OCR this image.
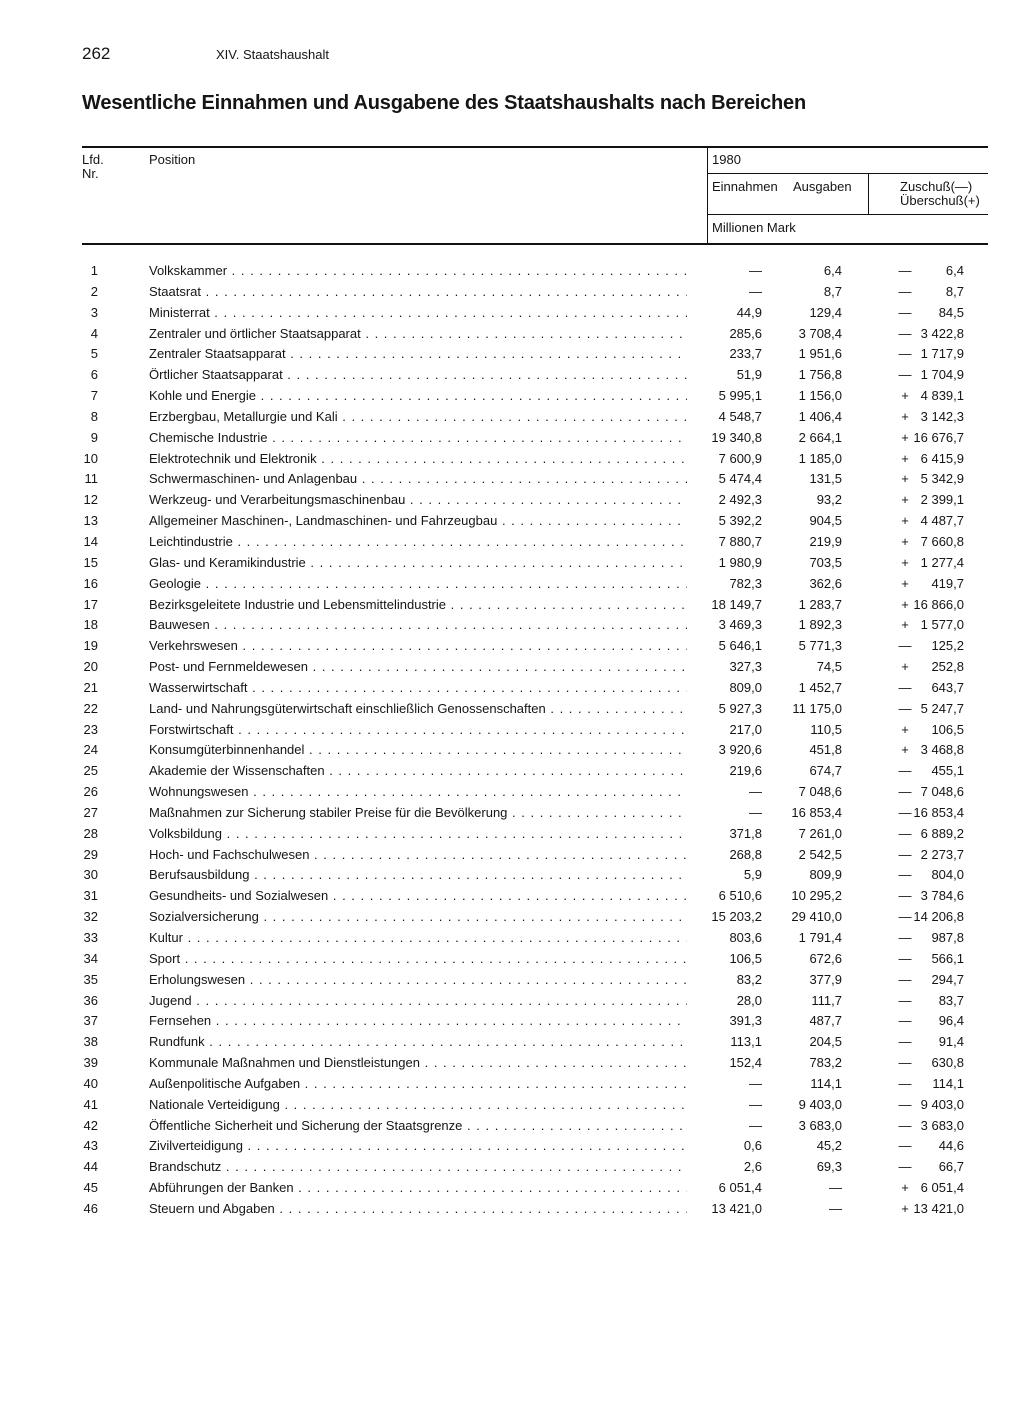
262	XIV. Staatshaushalt
Wesentliche Einnahmen und Ausgabene des Staatshaushalts nach Bereichen
Lfd.
Nr.
Position	1980
Einnahmen Ausgaben	Zuschuß(—)
Überschuß(+)
Millionen Mark
1	Volkskammer . . .	—	6,4	—	6,4
2	Staatsrat . . .	—	8,7	—	8,7
3	Ministerrat . . .	44,9	129,4	—	84,5
4	Zentraler und örtlicher Staatsapparat . . .	285,6	3 708,4	— 3 422,8
5	Zentraler Staatsapparat . . .	233,7	1 951,6	— 1 717,9
6	Örtlicher Staatsapparat . . .	51,9	1 756,8	— 1 704,9
7	Kohle und Energie . . .	5 995,1	1 156,0	+ 4 839,1
8	Erzbergbau, Metallurgie und Kali . . .	4 548,7	1 406,4	+ 3 142,3
9	Chemische Industrie . . .	19 340,8	2 664,1	+ 16 676,7
10	Elektrotechnik und Elektronik . . .	7 600,9	1 185,0	+ 6 415,9
11	Schwermaschinen- und Anlagenbau . . .	5 474,4	131,5	+ 5 342,9
12	Werkzeug- und Verarbeitungsmaschinenbau . . .	2 492,3	93,2	+ 2 399,1
13	Allgemeiner Maschinen-, Landmaschinen- und Fahrzeugbau . . .	5 392,2	904,5	+ 4 487,7
14	Leichtindustrie . . .	7 880,7	219,9	+ 7 660,8
15	Glas- und Keramikindustrie . . .	1 980,9	703,5	+ 1 277,4
16	Geologie . . .	782,3	362,6	+	419,7
17	Bezirksgeleitete Industrie und Lebensmittelindustrie . . .	18 149,7	1 283,7	+ 16 866,0
18	Bauwesen . . .	3 469,3	1 892,3	+ 1 577,0
19	Verkehrswesen . . .	5 646,1	5 771,3	—	125,2
20	Post- und Fernmeldewesen . . .	327,3	74,5	+	252,8
21	Wasserwirtschaft . . .	809,0	1 452,7	—	643,7
22	Land- und Nahrungsgüterwirtschaft einschließlich Genossenschaften . . .	5 927,3	11 175,0	— 5 247,7
23	Forstwirtschaft . . .	217,0	110,5	+	106,5
24	Konsumgüterbinnenhandel . . .	3 920,6	451,8	+ 3 468,8
25	Akademie der Wissenschaften . . .	219,6	674,7	—	455,1
26	Wohnungswesen . . .	—	7 048,6	— 7 048,6
27	Maßnahmen zur Sicherung stabiler Preise für die Bevölkerung . . .	—	16 853,4	— 16 853,4
28	Volksbildung . . .	371,8	7 261,0	— 6 889,2
29	Hoch- und Fachschulwesen . . .	268,8	2 542,5	— 2 273,7
30	Berufsausbildung . . .	5,9	809,9	—	804,0
31	Gesundheits- und Sozialwesen . . .	6 510,6	10 295,2	— 3 784,6
32	Sozialversicherung . . .	15 203,2	29 410,0	— 14 206,8
33	Kultur . . .	803,6	1 791,4	—	987,8
34	Sport . . .	106,5	672,6	—	566,1
35	Erholungswesen . . .	83,2	377,9	—	294,7
36	Jugend . . .	28,0	111,7	—	83,7
37	Fernsehen . . .	391,3	487,7	—	96,4
38	Rundfunk . . .	113,1	204,5	—	91,4
39	Kommunale Maßnahmen und Dienstleistungen . . .	152,4	783,2	—	630,8
40	Außenpolitische Aufgaben . . .	—	114,1	—	114,1
41	Nationale Verteidigung . . .	—	9 403,0	— 9 403,0
42	Öffentliche Sicherheit und Sicherung der Staatsgrenze . . .	—	3 683,0	— 3 683,0
43	Zivilverteidigung . . .	0,6	45,2	—	44,6
44	Brandschutz . . .	2,6	69,3	—	66,7
45	Abführungen der Banken . . .	6 051,4	—	+ 6 051,4
46	Steuern und Abgaben . . .	13 421,0	—	+ 13 421,0
